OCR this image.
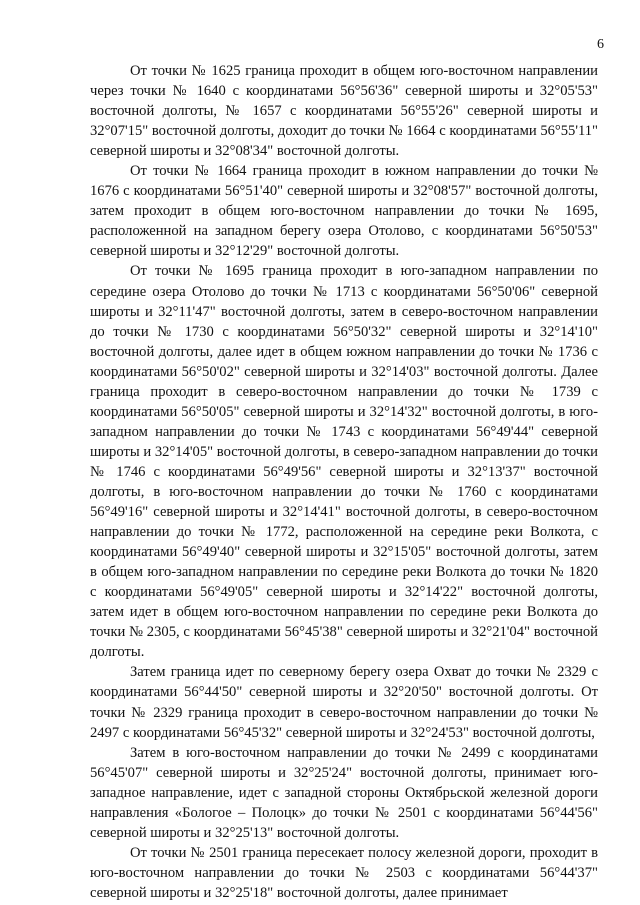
6

От точки № 1625 граница проходит в общем юго-восточном направлении через точки № 1640 с координатами 56°56'36" северной широты и 32°05'53" восточной долготы, № 1657 с координатами 56°55'26" северной широты и 32°07'15" восточной долготы, доходит до точки № 1664 с координатами 56°55'11" северной широты и 32°08'34" восточной долготы.

От точки № 1664 граница проходит в южном направлении до точки № 1676 с координатами 56°51'40" северной широты и 32°08'57" восточной долготы, затем проходит в общем юго-восточном направлении до точки № 1695, расположенной на западном берегу озера Отолово, с координатами 56°50'53" северной широты и 32°12'29" восточной долготы.

От точки № 1695 граница проходит в юго-западном направлении по середине озера Отолово до точки № 1713 с координатами 56°50'06" северной широты и 32°11'47" восточной долготы, затем в северо-восточном направлении до точки № 1730 с координатами 56°50'32" северной широты и 32°14'10" восточной долготы, далее идет в общем южном направлении до точки № 1736 с координатами 56°50'02" северной широты и 32°14'03" восточной долготы. Далее граница проходит в северо-восточном направлении до точки № 1739 с координатами 56°50'05" северной широты и 32°14'32" восточной долготы, в юго-западном направлении до точки № 1743 с координатами 56°49'44" северной широты и 32°14'05" восточной долготы, в северо-западном направлении до точки № 1746 с координатами 56°49'56" северной широты и 32°13'37" восточной долготы, в юго-восточном направлении до точки № 1760 с координатами 56°49'16" северной широты и 32°14'41" восточной долготы, в северо-восточном направлении до точки № 1772, расположенной на середине реки Волкота, с координатами 56°49'40" северной широты и 32°15'05" восточной долготы, затем в общем юго-западном направлении по середине реки Волкота до точки № 1820 с координатами 56°49'05" северной широты и 32°14'22" восточной долготы, затем идет в общем юго-восточном направлении по середине реки Волкота до точки № 2305, с координатами 56°45'38" северной широты и 32°21'04" восточной долготы.

Затем граница идет по северному берегу озера Охват до точки № 2329 с координатами 56°44'50" северной широты и 32°20'50" восточной долготы. От точки № 2329 граница проходит в северо-восточном направлении до точки № 2497 с координатами 56°45'32" северной широты и 32°24'53" восточной долготы,

Затем в юго-восточном направлении до точки № 2499 с координатами 56°45'07" северной широты и 32°25'24" восточной долготы, принимает юго-западное направление, идет с западной стороны Октябрьской железной дороги направления «Бологое – Полоцк» до точки № 2501 с координатами 56°44'56" северной широты и 32°25'13" восточной долготы.

От точки № 2501 граница пересекает полосу железной дороги, проходит в юго-восточном направлении до точки № 2503 с координатами 56°44'37" северной широты и 32°25'18" восточной долготы, далее принимает
